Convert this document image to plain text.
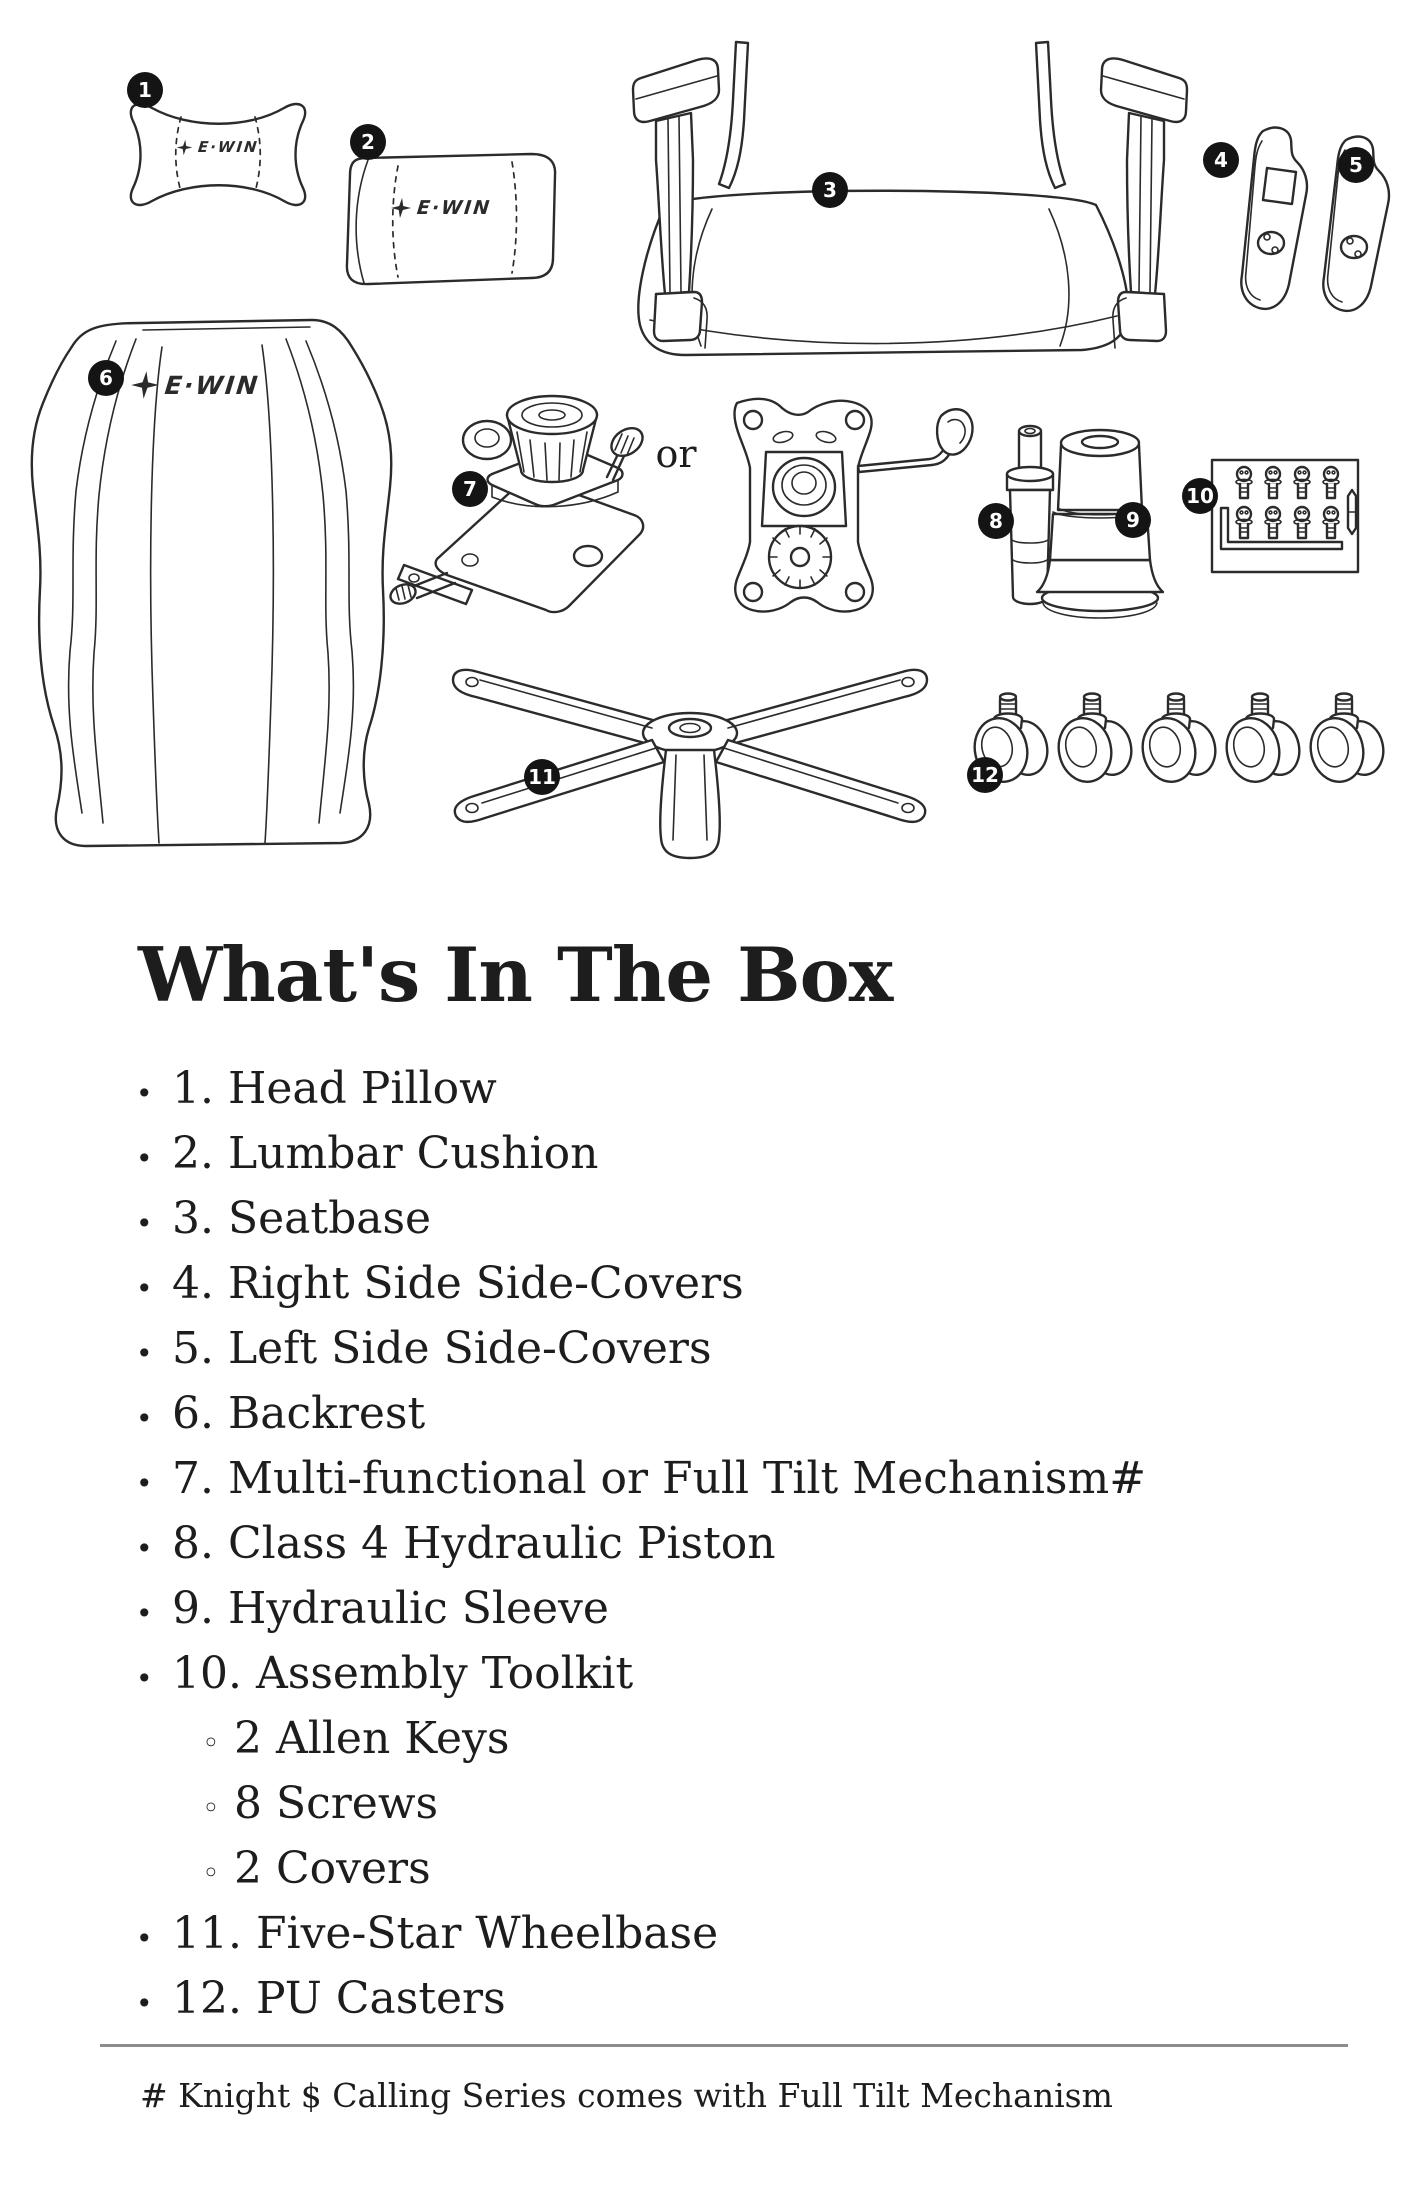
1
2
3
4	5
6
7
8	9
10
11	12
or
E·WIN
E·WIN
E·WIN
What's In The Box
• 1. Head Pillow
• 2. Lumbar Cushion
• 3. Seatbase
• 4. Right Side Side-Covers
• 5. Left Side Side-Covers
• 6. Backrest
• 7. Multi-functional or Full Tilt Mechanism#
• 8. Class 4 Hydraulic Piston
• 9. Hydraulic Sleeve
• 10. Assembly Toolkit
◦ 2 Allen Keys
◦ 8 Screws
◦ 2 Covers
• 11. Five-Star Wheelbase
• 12. PU Casters
# Knight $ Calling Series comes with Full Tilt Mechanism
